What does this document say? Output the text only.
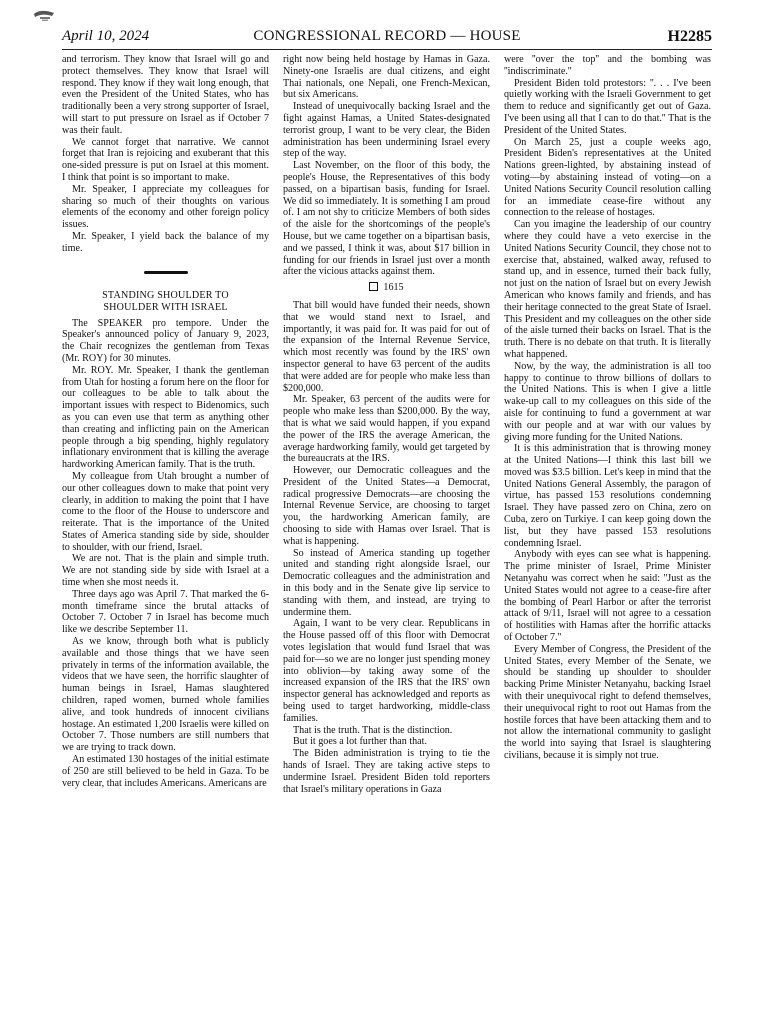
April 10, 2024	CONGRESSIONAL RECORD — HOUSE	H2285

and terrorism. They know that Israel will go and protect themselves. They know that Israel will respond. They know if they wait long enough, that even the President of the United States, who has traditionally been a very strong supporter of Israel, will start to put pressure on Israel as if October 7 was their fault.

We cannot forget that narrative. We cannot forget that Iran is rejoicing and exuberant that this one-sided pressure is put on Israel at this moment. I think that point is so important to make.

Mr. Speaker, I appreciate my colleagues for sharing so much of their thoughts on various elements of the economy and other foreign policy issues.

Mr. Speaker, I yield back the balance of my time.

STANDING SHOULDER TO
SHOULDER WITH ISRAEL

The SPEAKER pro tempore. Under the Speaker's announced policy of January 9, 2023, the Chair recognizes the gentleman from Texas (Mr. ROY) for 30 minutes.

Mr. ROY. Mr. Speaker, I thank the gentleman from Utah for hosting a forum here on the floor for our colleagues to be able to talk about the important issues with respect to Bidenomics, such as you can even use that term as anything other than creating and inflicting pain on the American people through a big spending, highly regulatory inflationary environment that is killing the average hardworking American family. That is the truth.

My colleague from Utah brought a number of our other colleagues down to make that point very clearly, in addition to making the point that I have come to the floor of the House to underscore and reiterate. That is the importance of the United States of America standing side by side, shoulder to shoulder, with our friend, Israel.

We are not. That is the plain and simple truth. We are not standing side by side with Israel at a time when she most needs it.

Three days ago was April 7. That marked the 6-month timeframe since the brutal attacks of October 7. October 7 in Israel has become much like we describe September 11.

As we know, through both what is publicly available and those things that we have seen privately in terms of the information available, the videos that we have seen, the horrific slaughter of human beings in Israel, Hamas slaughtered children, raped women, burned whole families alive, and took hundreds of innocent civilians hostage. An estimated 1,200 Israelis were killed on October 7. Those numbers are still numbers that we are trying to track down.

An estimated 130 hostages of the initial estimate of 250 are still believed to be held in Gaza. To be very clear, that includes Americans. Americans are

right now being held hostage by Hamas in Gaza. Ninety-one Israelis are dual citizens, and eight Thai nationals, one Nepali, one French-Mexican, but six Americans.

Instead of unequivocally backing Israel and the fight against Hamas, a United States-designated terrorist group, I want to be very clear, the Biden administration has been undermining Israel every step of the way.

Last November, on the floor of this body, the people's House, the Representatives of this body passed, on a bipartisan basis, funding for Israel. We did so immediately. It is something I am proud of. I am not shy to criticize Members of both sides of the aisle for the shortcomings of the people's House, but we came together on a bipartisan basis, and we passed, I think it was, about $17 billion in funding for our friends in Israel just over a month after the vicious attacks against them.

1615

That bill would have funded their needs, shown that we would stand next to Israel, and importantly, it was paid for. It was paid for out of the expansion of the Internal Revenue Service, which most recently was found by the IRS' own inspector general to have 63 percent of the audits that were added are for people who make less than $200,000.

Mr. Speaker, 63 percent of the audits were for people who make less than $200,000. By the way, that is what we said would happen, if you expand the power of the IRS the average American, the average hardworking family, would get targeted by the bureaucrats at the IRS.

However, our Democratic colleagues and the President of the United States—a Democrat, radical progressive Democrats—are choosing the Internal Revenue Service, are choosing to target you, the hardworking American family, are choosing to side with Hamas over Israel. That is what is happening.

So instead of America standing up together united and standing right alongside Israel, our Democratic colleagues and the administration and in this body and in the Senate give lip service to standing with them, and instead, are trying to undermine them.

Again, I want to be very clear. Republicans in the House passed off of this floor with Democrat votes legislation that would fund Israel that was paid for—so we are no longer just spending money into oblivion—by taking away some of the increased expansion of the IRS that the IRS' own inspector general has acknowledged and reports as being used to target hardworking, middle-class families.

That is the truth. That is the distinction.

But it goes a lot further than that.

The Biden administration is trying to tie the hands of Israel. They are taking active steps to undermine Israel. President Biden told reporters that Israel's military operations in Gaza

were ''over the top'' and the bombing was ''indiscriminate.''

President Biden told protestors: ''. . . I've been quietly working with the Israeli Government to get them to reduce and significantly get out of Gaza. I've been using all that I can to do that.'' That is the President of the United States.

On March 25, just a couple weeks ago, President Biden's representatives at the United Nations green-lighted, by abstaining instead of voting—by abstaining instead of voting—on a United Nations Security Council resolution calling for an immediate cease-fire without any connection to the release of hostages.

Can you imagine the leadership of our country where they could have a veto exercise in the United Nations Security Council, they chose not to exercise that, abstained, walked away, refused to stand up, and in essence, turned their back fully, not just on the nation of Israel but on every Jewish American who knows family and friends, and has their heritage connected to the great State of Israel. This President and my colleagues on the other side of the aisle turned their backs on Israel. That is the truth. There is no debate on that truth. It is literally what happened.

Now, by the way, the administration is all too happy to continue to throw billions of dollars to the United Nations. This is when I give a little wake-up call to my colleagues on this side of the aisle for continuing to fund a government at war with our people and at war with our values by giving more funding for the United Nations.

It is this administration that is throwing money at the United Nations—I think this last bill we moved was $3.5 billion. Let's keep in mind that the United Nations General Assembly, the paragon of virtue, has passed 153 resolutions condemning Israel. They have passed zero on China, zero on Cuba, zero on Turkiye. I can keep going down the list, but they have passed 153 resolutions condemning Israel.

Anybody with eyes can see what is happening. The prime minister of Israel, Prime Minister Netanyahu was correct when he said: ''Just as the United States would not agree to a cease-fire after the bombing of Pearl Harbor or after the terrorist attack of 9/11, Israel will not agree to a cessation of hostilities with Hamas after the horrific attacks of October 7.''

Every Member of Congress, the President of the United States, every Member of the Senate, we should be standing up shoulder to shoulder backing Prime Minister Netanyahu, backing Israel with their unequivocal right to defend themselves, their unequivocal right to root out Hamas from the hostile forces that have been attacking them and to not allow the international community to gaslight the world into saying that Israel is slaughtering civilians, because it is simply not true.
